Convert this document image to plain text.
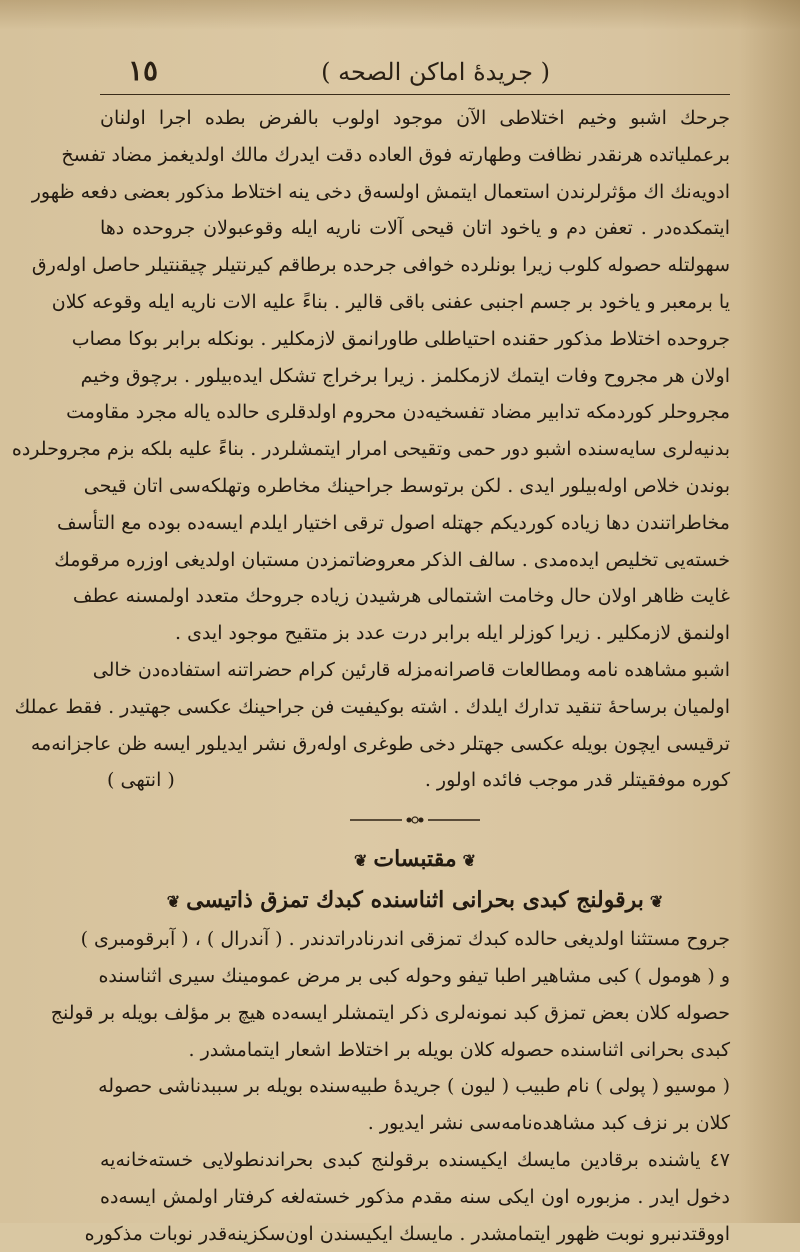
( جریدۀ اماکن الصحه )
١٥
جرحك اشبو وخیم اختلاطی الآن موجود اولوب بالفرض بطده اجرا اولنان
برعملیاتده هرنقدر نظافت وطهارته فوق العاده دقت ایدرك مالك اولدیغمز مضاد تفسخ
ادویه‌نك اك مؤثرلرندن استعمال ایتمش اولسه‌ق دخی ینه اختلاط مذکور بعضی دفعه ظهور
ایتمکده‌در . تعفن دم و یاخود اتان قیحی آلات ناریه ایله وقوعبولان جروحده دها
سهولتله حصوله کلوب زیرا بونلرده خوافی جرحده برطاقم کیرنتیلر چیقنتیلر حاصل اوله‌رق
یا برمعبر و یاخود بر جسم اجنبی عفنی باقی قالیر . بناءً علیه الات ناریه ایله وقوعه کلان
جروحده اختلاط مذکور حقنده احتیاطلی طاورانمق لازمکلیر . بونکله برابر بوکا مصاب
اولان هر مجروح وفات ایتمك لازمکلمز . زیرا برخراج تشکل ایده‌بیلور . برچوق وخیم
مجروحلر کوردمکه تدابیر مضاد تفسخیه‌دن محروم اولدقلری حالده یاله مجرد مقاومت
بدنیه‌لری سایه‌سنده اشبو دور حمی وتقیحی امرار ایتمشلردر . بناءً علیه بلکه بزم مجروحلرده
بوندن خلاص اوله‌بیلور ایدی . لکن برتوسط جراحینك مخاطره وتهلکه‌سی اتان قیحی
مخاطراتندن دها زیاده کوردیکم جهتله اصول ترقی اختیار ایلدم ایسه‌ده بوده مع التأسف
خسته‌یی تخلیص ایده‌مدی . سالف الذکر معروضاتمزدن مستبان اولدیغی اوزره مرقومك
غایت ظاهر اولان حال وخامت اشتمالی هرشیدن زیاده جروحك متعدد اولمسنه عطف
اولنمق لازمکلیر . زیرا کوزلر ایله برابر درت عدد بز متقیح موجود ایدی .
اشبو مشاهده نامه ومطالعات قاصرانه‌مزله قارئین کرام حضراتنه استفاده‌دن خالی
اولمیان برساحۀ تنقید تدارك ایلدك . اشته بوکیفیت فن جراحینك عکسی جهتیدر . فقط عملك
ترقیسی ایچون بویله عکسی جهتلر دخی طوغری اوله‌رق نشر ایدیلور ایسه ظن عاجزانه‌مه
کوره موفقیتلر قدر موجب فائده اولور .( انتهی )
❦مقتبسات❦
❦برقولنج کبدی بحرانی اثناسنده کبدك تمزق ذاتیسی❦
جروح مستثنا اولدیغی حالده کبدك تمزقی اندرنادراتدندر . ( آندرال ) ، ( آبرقومبری )
و ( هومول ) کبی مشاهیر اطبا تیفو وحوله کبی بر مرض عمومینك سیری اثناسنده
حصوله کلان بعض تمزق کبد نمونه‌لری ذکر ایتمشلر ایسه‌ده هیچ بر مؤلف بویله بر قولنج
کبدی بحرانی اثناسنده حصوله کلان بویله بر اختلاط اشعار ایتمامشدر .
( موسیو ( پولی ) نام طبیب ( لیون ) جریدۀ طبیه‌سنده بویله بر سببدناشی حصوله
کلان بر نزف کبد مشاهده‌نامه‌سی نشر ایدیور .
٤٧ یاشنده برقادین مایسك ایکیسنده برقولنج کبدی بحراندنطولایی خسته‌خانه‌یه
دخول ایدر . مزبوره اون ایکی سنه مقدم مذکور خسته‌لغه کرفتار اولمش ایسه‌ده
اووقتدنبرو نوبت ظهور ایتمامشدر . مایسك ایکیسندن اون‌سکزینه‌قدر نوبات مذکوره
